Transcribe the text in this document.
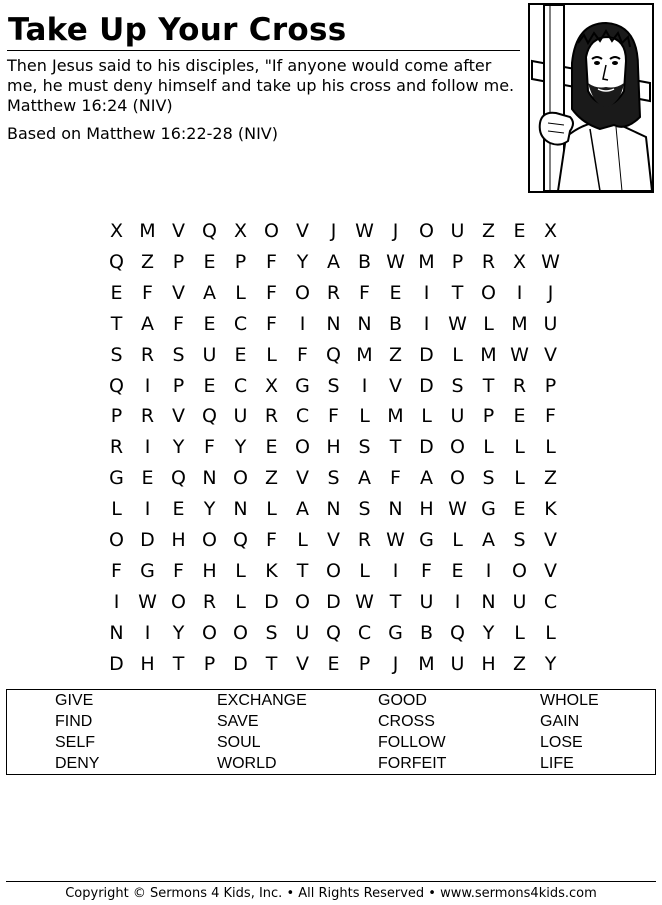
Take Up Your Cross

Then Jesus said to his disciples, "If anyone would come after me, he must deny himself and take up his cross and follow me. Matthew 16:24 (NIV)

Based on Matthew 16:22-28 (NIV)

X M V Q X O V	J W J	O U Z E X
Q Z P	E	P	F	Y A B W M P R X W
E	F	V A	L	F O R F	E	I	T O	I	J
T A	F	E C F	I	N N B	I W L M U
S R S U E	L	F Q M Z D L M W V
Q	I	P	E C X G S	I	V D S	T R P
P R V Q U R C F	L M L U P	E	F
R	I	Y	F	Y	E O H S	T D O L	L	L
G E Q N O Z V S A	F	A O S	L	Z
L	I	E	Y N L	A N S N H W G E K
O D H O Q F	L	V R W G L	A S V
F G F H L	K T O L	I	F	E	I	O V
I W O R	L D O D W T U	I	N U C
N	I	Y O O S U Q C G B Q Y	L	L
D H T	P D T V E	P	J	M U H Z Y
GIVE	EXCHANGE	GOOD	WHOLE
FIND	SAVE	CROSS	GAIN
SELF	SOUL	FOLLOW	LOSE
DENY	WORLD	FORFEIT	LIFE
Copyright © Sermons 4 Kids, Inc. • All Rights Reserved • www.sermons4kids.com
